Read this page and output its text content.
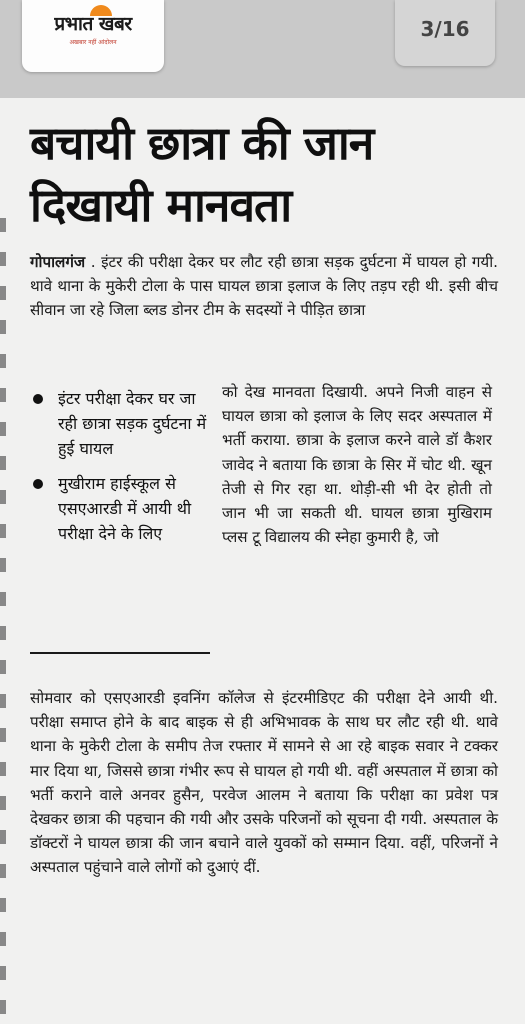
प्रभात खबर
अखबार नहीं आंदोलन
3/16
बचायी छात्रा की जान
दिखायी मानवता
गोपालगंज . इंटर की परीक्षा देकर घर लौट रही छात्रा सड़क दुर्घटना में घायल हो गयी. थावे थाना के मुकेरी टोला के पास घायल छात्रा इलाज के लिए तड़प रही थी. इसी बीच सीवान जा रहे जिला ब्लड डोनर टीम के सदस्यों ने पीड़ित छात्रा
इंटर परीक्षा देकर घर जा रही छात्रा सड़क दुर्घटना में हुई घायल
मुखीराम हाईस्कूल से एसएआरडी में आयी थी परीक्षा देने के लिए
को देख मानवता दिखायी. अपने निजी वाहन से घायल छात्रा को इलाज के लिए सदर अस्पताल में भर्ती कराया. छात्रा के इलाज करने वाले डॉ कैशर जावेद ने बताया कि छात्रा के सिर में चोट थी. खून तेजी से गिर रहा था. थोड़ी-सी भी देर होती तो जान भी जा सकती थी. घायल छात्रा मुखिराम प्लस टू विद्यालय की स्नेहा कुमारी है, जो
सोमवार को एसएआरडी इवनिंग कॉलेज से इंटरमीडिएट की परीक्षा देने आयी थी. परीक्षा समाप्त होने के बाद बाइक से ही अभिभावक के साथ घर लौट रही थी. थावे थाना के मुकेरी टोला के समीप तेज रफ्तार में सामने से आ रहे बाइक सवार ने टक्कर मार दिया था, जिससे छात्रा गंभीर रूप से घायल हो गयी थी. वहीं अस्पताल में छात्रा को भर्ती कराने वाले अनवर हुसैन, परवेज आलम ने बताया कि परीक्षा का प्रवेश पत्र देखकर छात्रा की पहचान की गयी और उसके परिजनों को सूचना दी गयी. अस्पताल के डॉक्टरों ने घायल छात्रा की जान बचाने वाले युवकों को सम्मान दिया. वहीं, परिजनों ने अस्पताल पहुंचाने वाले लोगों को दुआएं दीं.
